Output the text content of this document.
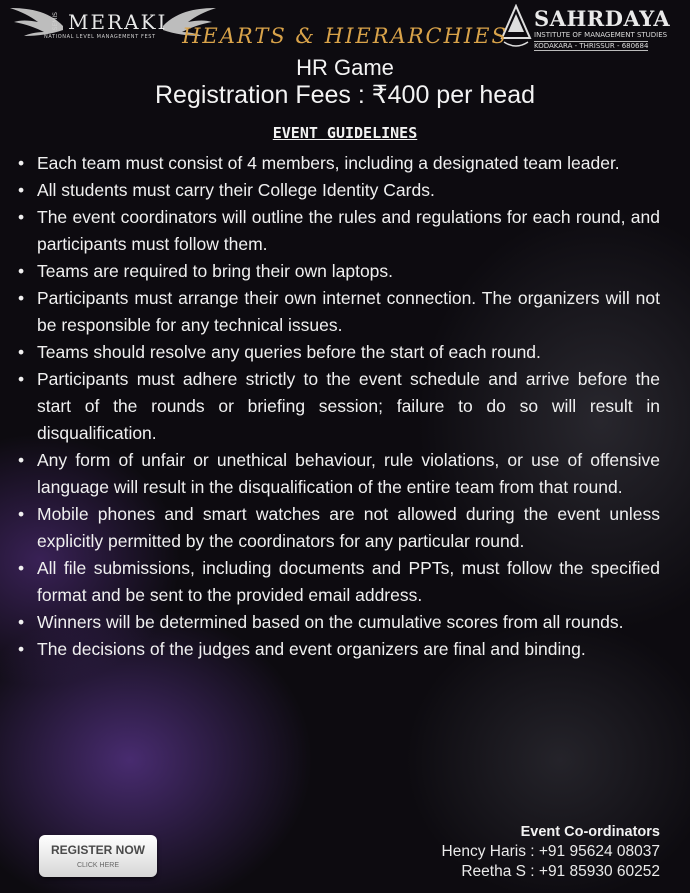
SEMIS MERAKI
NATIONAL LEVEL MANAGEMENT FEST
SAHRDAYA
INSTITUTE OF MANAGEMENT STUDIES
KODAKARA - THRISSUR - 680684
HEARTS & HIERARCHIES
HR Game
Registration Fees : ₹400 per head
EVENT GUIDELINES
• Each team must consist of 4 members, including a designated team leader.
• All students must carry their College Identity Cards.
• The event coordinators will outline the rules and regulations for each round, and participants must follow them.
• Teams are required to bring their own laptops.
• Participants must arrange their own internet connection. The organizers will not be responsible for any technical issues.
• Teams should resolve any queries before the start of each round.
• Participants must adhere strictly to the event schedule and arrive before the start of the rounds or briefing session; failure to do so will result in disqualification.
• Any form of unfair or unethical behaviour, rule violations, or use of offensive language will result in the disqualification of the entire team from that round.
• Mobile phones and smart watches are not allowed during the event unless explicitly permitted by the coordinators for any particular round.
• All file submissions, including documents and PPTs, must follow the specified format and be sent to the provided email address.
• Winners will be determined based on the cumulative scores from all rounds.
• The decisions of the judges and event organizers are final and binding.
REGISTER NOW
CLICK HERE
Event Co-ordinators
Hency Haris : +91 95624 08037
Reetha S : +91 85930 60252
